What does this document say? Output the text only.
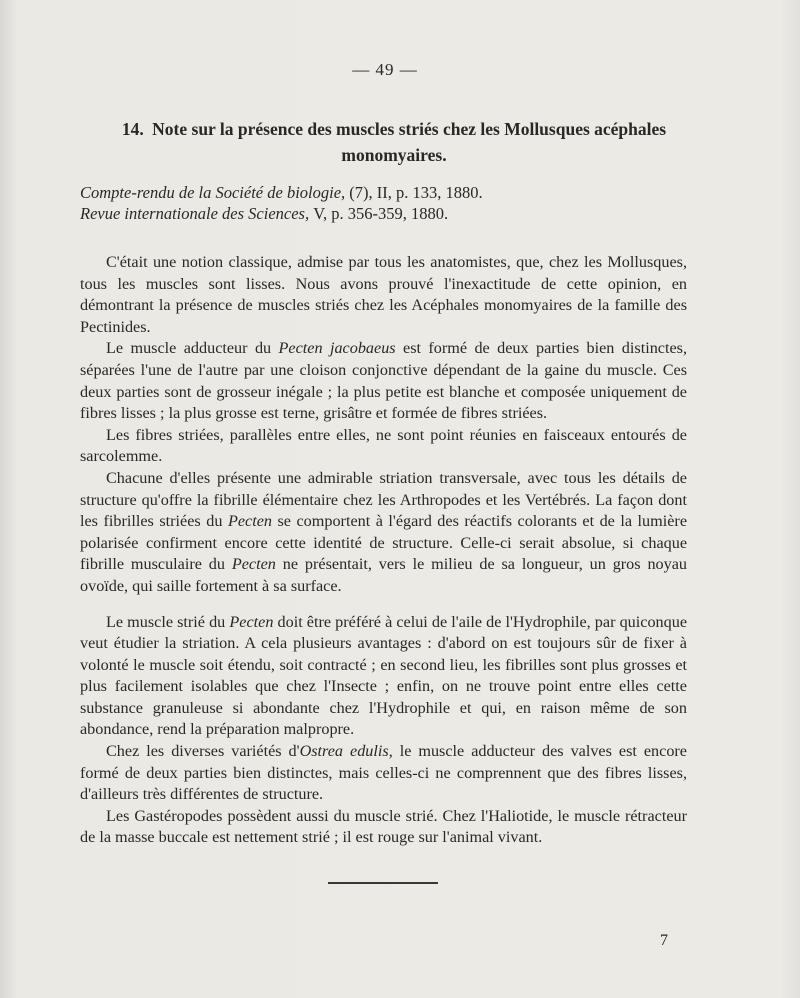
— 49 —
14. Note sur la présence des muscles striés chez les Mollusques acéphales monomyaires.
Compte-rendu de la Société de biologie, (7), II, p. 133, 1880.
Revue internationale des Sciences, V, p. 356-359, 1880.

C'était une notion classique, admise par tous les anatomistes, que, chez les Mollusques, tous les muscles sont lisses. Nous avons prouvé l'inexactitude de cette opinion, en démontrant la présence de muscles striés chez les Acéphales monomyaires de la famille des Pectinides.

Le muscle adducteur du Pecten jacobaeus est formé de deux parties bien distinctes, séparées l'une de l'autre par une cloison conjonctive dépendant de la gaine du muscle. Ces deux parties sont de grosseur inégale ; la plus petite est blanche et composée uniquement de fibres lisses ; la plus grosse est terne, grisâtre et formée de fibres striées.

Les fibres striées, parallèles entre elles, ne sont point réunies en faisceaux entourés de sarcolemme.

Chacune d'elles présente une admirable striation transversale, avec tous les détails de structure qu'offre la fibrille élémentaire chez les Arthropodes et les Vertébrés. La façon dont les fibrilles striées du Pecten se comportent à l'égard des réactifs colorants et de la lumière polarisée confirment encore cette identité de structure. Celle-ci serait absolue, si chaque fibrille musculaire du Pecten ne présentait, vers le milieu de sa longueur, un gros noyau ovoïde, qui saille fortement à sa surface.

Le muscle strié du Pecten doit être préféré à celui de l'aile de l'Hydrophile, par quiconque veut étudier la striation. A cela plusieurs avantages : d'abord on est toujours sûr de fixer à volonté le muscle soit étendu, soit contracté ; en second lieu, les fibrilles sont plus grosses et plus facilement isolables que chez l'Insecte ; enfin, on ne trouve point entre elles cette substance granuleuse si abondante chez l'Hydrophile et qui, en raison même de son abondance, rend la préparation malpropre.

Chez les diverses variétés d'Ostrea edulis, le muscle adducteur des valves est encore formé de deux parties bien distinctes, mais celles-ci ne comprennent que des fibres lisses, d'ailleurs très différentes de structure.

Les Gastéropodes possèdent aussi du muscle strié. Chez l'Haliotide, le muscle rétracteur de la masse buccale est nettement strié ; il est rouge sur l'animal vivant.

7
